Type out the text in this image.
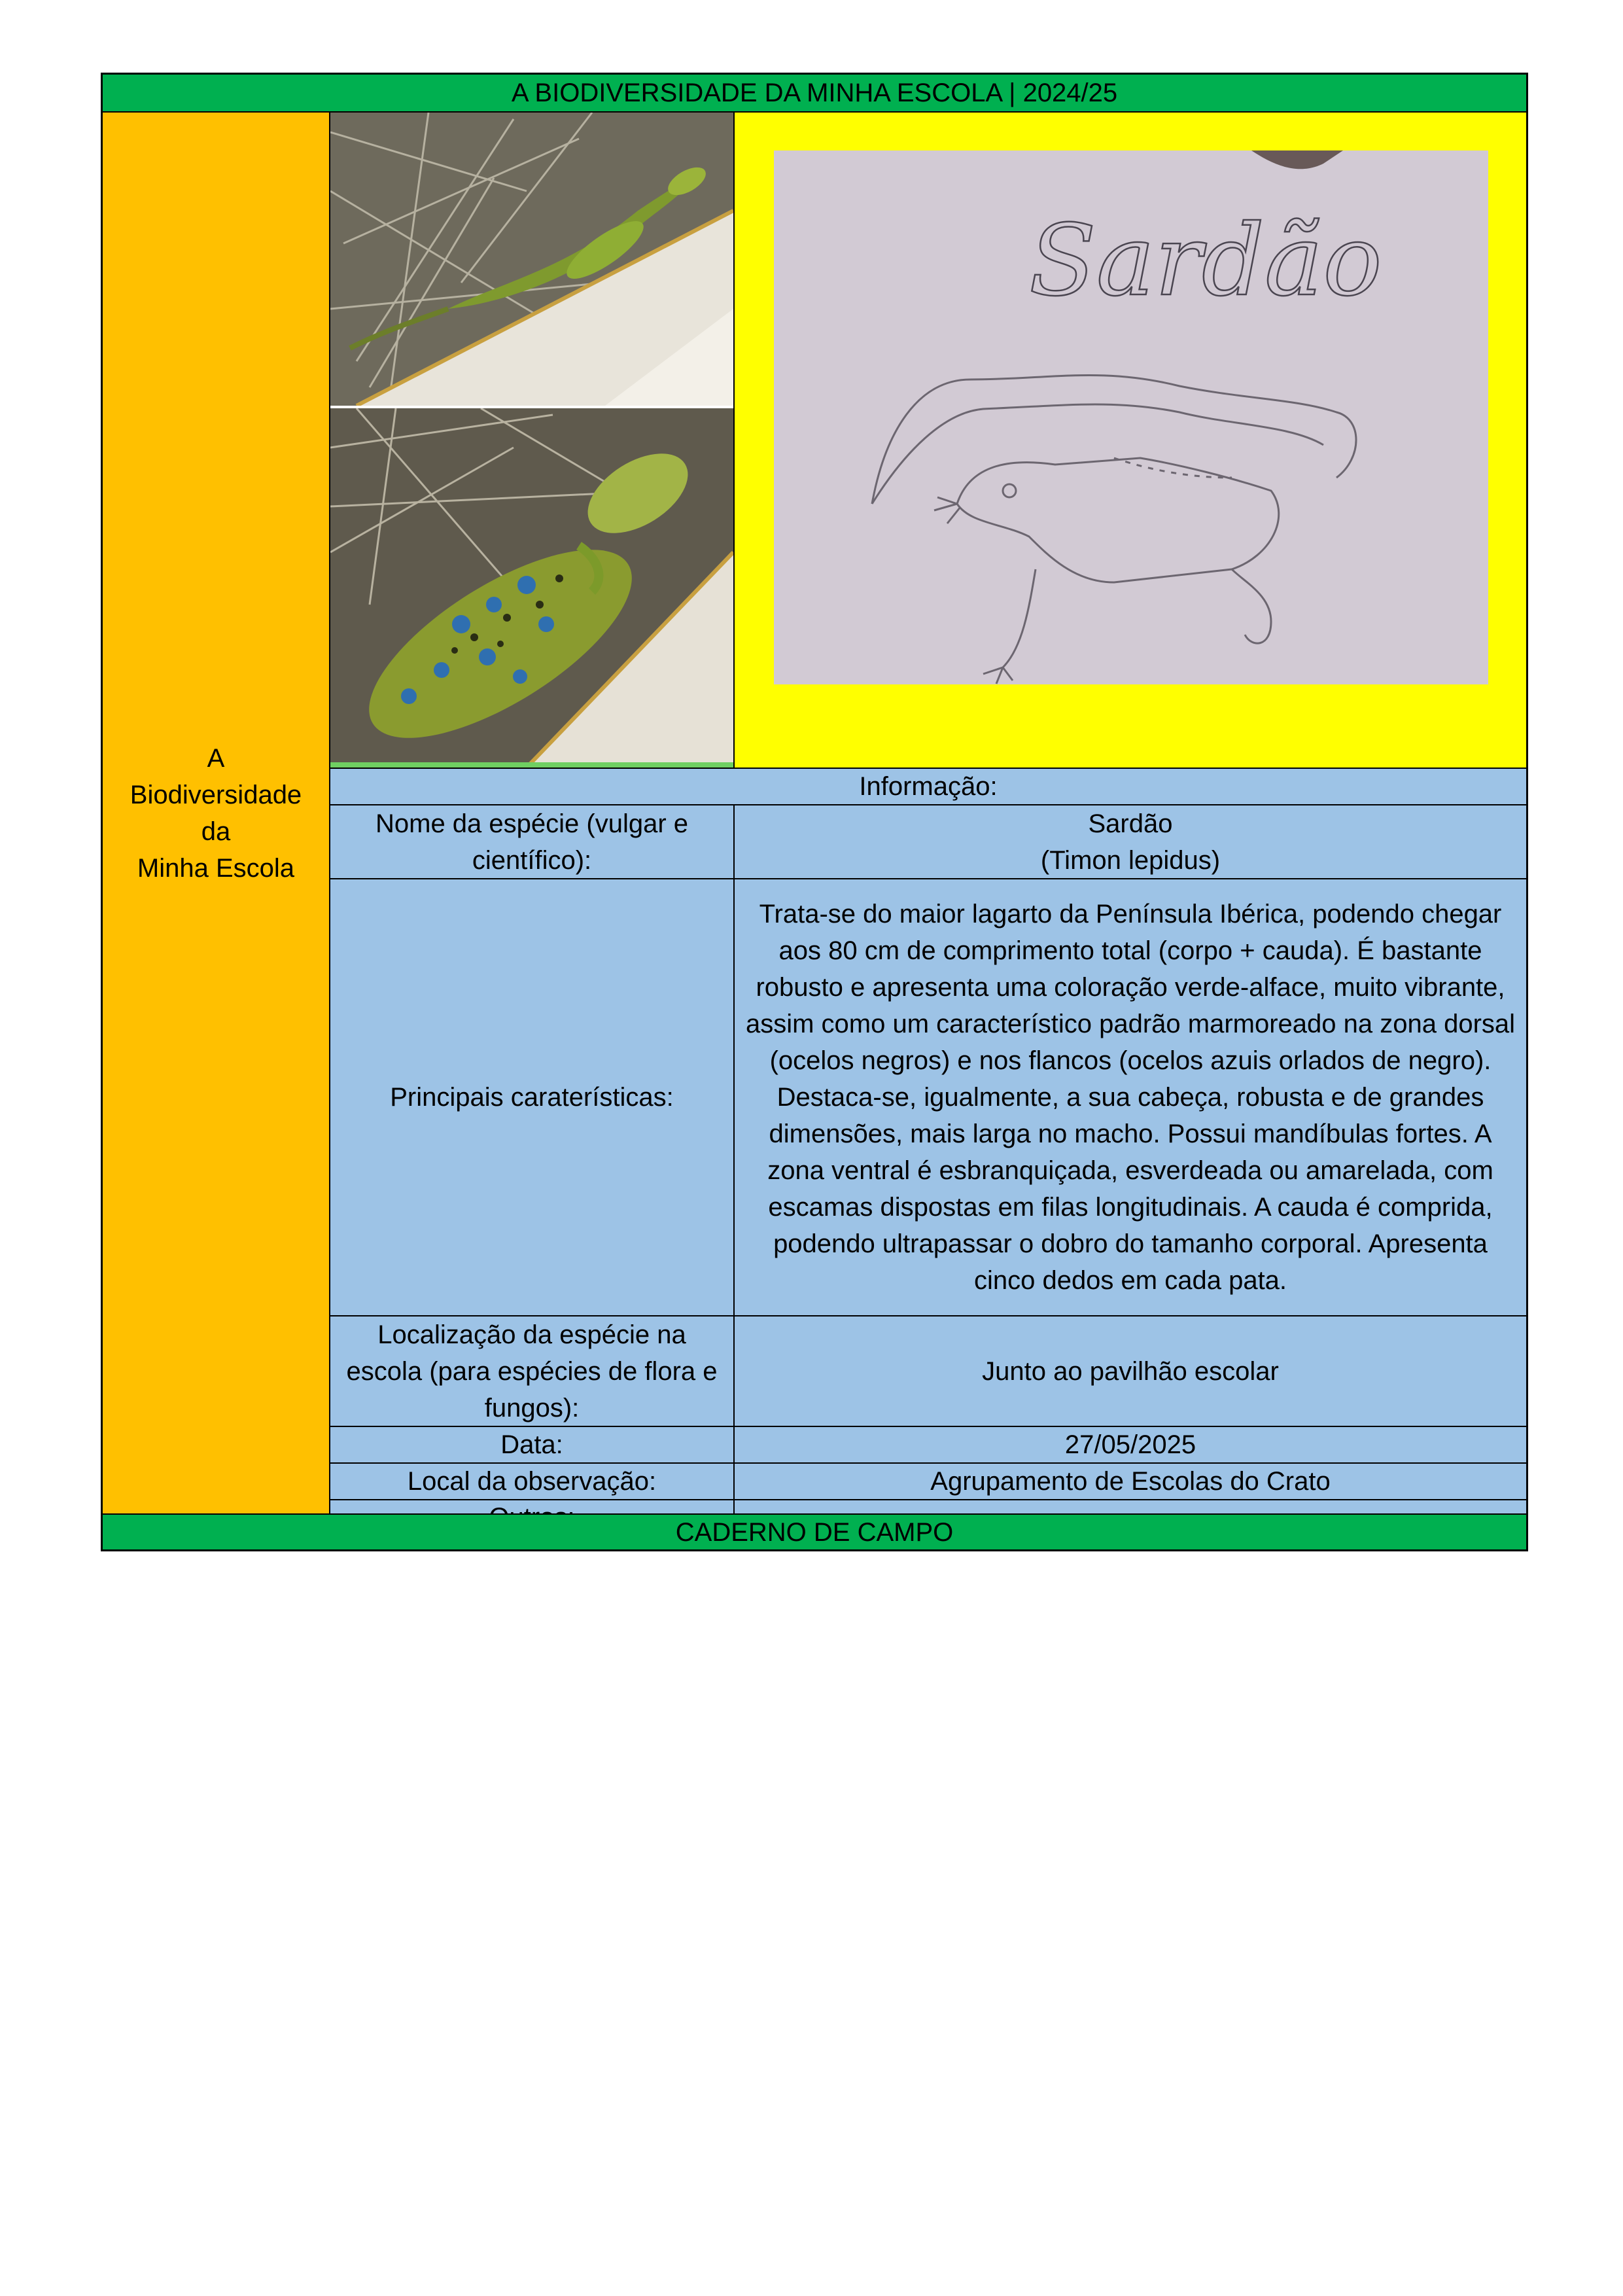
A BIODIVERSIDADE DA MINHA ESCOLA | 2024/25
A
Biodiversidade
da
Minha Escola
Sardão
Informação:
Nome da espécie (vulgar e científico):
Sardão
(Timon lepidus)
Principais caraterísticas:
Trata-se do maior lagarto da Península Ibérica, podendo chegar aos 80 cm de comprimento total (corpo + cauda). É bastante robusto e apresenta uma coloração verde-alface, muito vibrante, assim como um característico padrão marmoreado na zona dorsal (ocelos negros) e nos flancos (ocelos azuis orlados de negro). Destaca-se, igualmente, a sua cabeça, robusta e de grandes dimensões, mais larga no macho. Possui mandíbulas fortes. A zona ventral é esbranquiçada, esverdeada ou amarelada, com escamas dispostas em filas longitudinais. A cauda é comprida, podendo ultrapassar o dobro do tamanho corporal. Apresenta cinco dedos em cada pata.
Localização da espécie na escola (para espécies de flora e fungos):
Junto ao pavilhão escolar
Data:	27/05/2025
Local da observação:	Agrupamento de Escolas do Crato
CADERNO DE CAMPO
